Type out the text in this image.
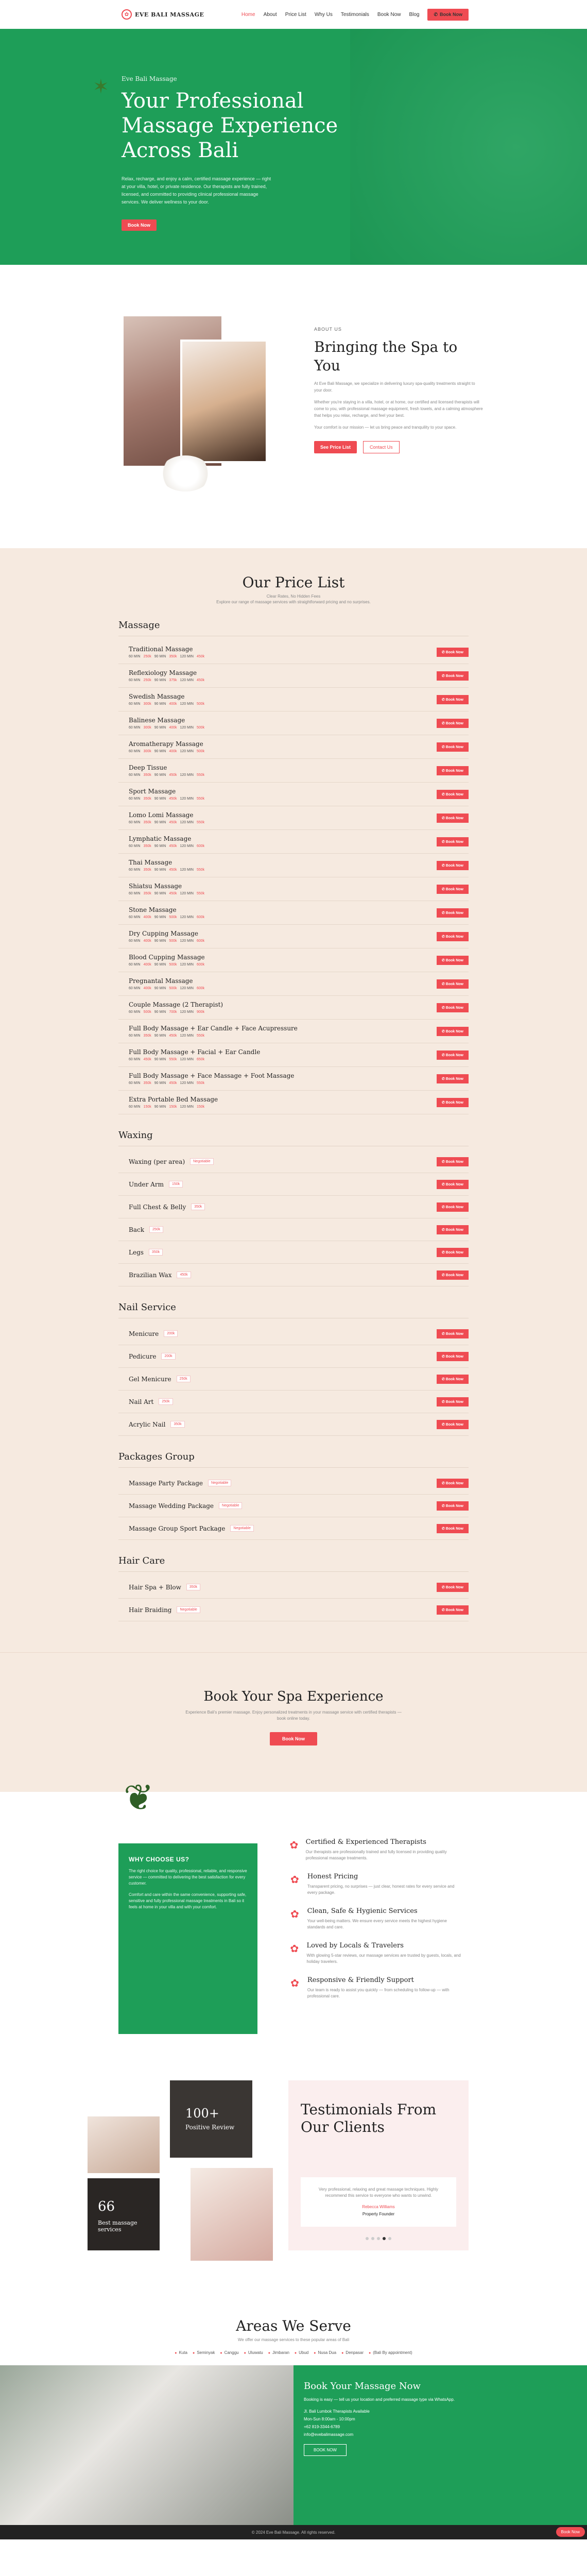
✿	EVE BALI MASSAGE	Home About Price List Why Us Testimonials Book Now Blog	✆ Book Now
✶ Eve Bali Massage
Your Professional Massage Experience Across Bali

Relax, recharge, and enjoy a calm, certified massage experience — right at your villa, hotel, or private residence. Our therapists are fully trained, licensed, and committed to providing clinical professional massage services. We deliver wellness to your door.

Book Now
ABOUT US
Bringing the Spa to You

At Eve Bali Massage, we specialize in delivering luxury spa-quality treatments straight to your door.

Whether you're staying in a villa, hotel, or at home, our certified and licensed therapists will come to you, with professional massage equipment, fresh towels, and a calming atmosphere that helps you relax, recharge, and feel your best.

Your comfort is our mission — let us bring peace and tranquility to your space.

See Price List	Contact Us
Our Price List

Clear Rates, No Hidden Fees

Explore our range of massage services with straightforward pricing and no surprises.

Massage
Traditional Massage
60 MIN 250k 90 MIN 350k 120 MIN 450k
✆ Book Now
Reflexiology Massage
60 MIN 250k 90 MIN 375k 120 MIN 450k
✆ Book Now
Swedish Massage
60 MIN 300k 90 MIN 400k 120 MIN 500k
✆ Book Now
Balinese Massage
60 MIN 300k 90 MIN 400k 120 MIN 500k
✆ Book Now
Aromatherapy Massage
60 MIN 300k 90 MIN 400k 120 MIN 500k
✆ Book Now
Deep Tissue
60 MIN 350k 90 MIN 450k 120 MIN 550k
✆ Book Now
Sport Massage
60 MIN 350k 90 MIN 450k 120 MIN 550k
✆ Book Now
Lomo Lomi Massage
60 MIN 350k 90 MIN 450k 120 MIN 550k
✆ Book Now
Lymphatic Massage
60 MIN 350k 90 MIN 450k 120 MIN 600k
✆ Book Now
Thai Massage
60 MIN 350k 90 MIN 450k 120 MIN 550k
✆ Book Now
Shiatsu Massage
60 MIN 350k 90 MIN 450k 120 MIN 550k
✆ Book Now
Stone Massage
60 MIN 400k 90 MIN 500k 120 MIN 600k
✆ Book Now
Dry Cupping Massage
60 MIN 400k 90 MIN 500k 120 MIN 600k
✆ Book Now
Blood Cupping Massage
60 MIN 400k 90 MIN 500k 120 MIN 600k
✆ Book Now
Pregnantal Massage
60 MIN 400k 90 MIN 500k 120 MIN 600k
✆ Book Now
Couple Massage (2 Therapist)
60 MIN 500k 90 MIN 700k 120 MIN 900k
✆ Book Now
Full Body Massage + Ear Candle + Face Acupressure
60 MIN 350k 90 MIN 450k 120 MIN 550k
✆ Book Now
Full Body Massage + Facial + Ear Candle
60 MIN 450k 90 MIN 550k 120 MIN 650k
✆ Book Now
Full Body Massage + Face Massage + Foot Massage
60 MIN 350k 90 MIN 450k 120 MIN 550k
✆ Book Now
Extra Portable Bed Massage
60 MIN 150k 90 MIN 150k 120 MIN 150k
✆ Book Now
Waxing
Waxing (per area)	Negotiable	✆ Book Now
Under Arm	150k	✆ Book Now
Full Chest & Belly	350k	✆ Book Now
Back	250k	✆ Book Now
Legs	350k	✆ Book Now
Brazilian Wax	450k	✆ Book Now
Nail Service
Menicure	200k	✆ Book Now
Pedicure	200k	✆ Book Now
Gel Menicure	250k	✆ Book Now
Nail Art	250k	✆ Book Now
Acrylic Nail	350k	✆ Book Now
Packages Group
Massage Party Package	Negotiable	✆ Book Now
Massage Wedding Package	Negotiable	✆ Book Now
Massage Group Sport Package	Negotiable	✆ Book Now
Hair Care
Hair Spa + Blow	350k	✆ Book Now
Hair Braiding	Negotiable	✆ Book Now
Book Your Spa Experience

Experience Bali's premier massage. Enjoy personalized treatments in your massage service with certified therapists — book online today.

Book Now
❦
WHY CHOOSE US?

The right choice for quality, professional, reliable, and responsive service — committed to delivering the best satisfaction for every customer.

Comfort and care within the same convenience, supporting safe, sensitive and fully professional massage treatments in Bali so it feels at home in your villa and with your comfort.

✿ Certified & Experienced Therapists

Our therapists are professionally trained and fully licensed in providing quality professional massage treatments.

✿	Honest Pricing

Transparent pricing, no surprises — just clear, honest rates for every service and every package.

✿	Clean, Safe & Hygienic Services

Your well-being matters. We ensure every service meets the highest hygiene standards and care.

✿ Loved by Locals & Travelers

With glowing 5-star reviews, our massage services are trusted by guests, locals, and holiday travelers.

✿	Responsive & Friendly Support

Our team is ready to assist you quickly — from scheduling to follow-up — with professional care.

100+
Positive Review
66
Best massage services
Testimonials From Our Clients
Very professional, relaxing and great massage techniques. Highly recommend this service to everyone who wants to unwind.
Rebecca Williams
Property Founder
Areas We Serve

We offer our massage services to these popular areas of Bali

● Kuta	● Seminyak	● Canggu	● Uluwatu	● Jimbaran	● Ubud	● Nusa Dua	● Denpasar	● (Bali By appointment)
Book Your Massage Now

Booking is easy — tell us your location and preferred massage type via WhatsApp.

Jl. Bali Lumbok Therapists Available
Mon-Sun 8:00am - 10:00pm
+62 819-3344-6789
info@evebalimassage.com
BOOK NOW
© 2024 Eve Bali Massage. All rights reserved.	Book Now
